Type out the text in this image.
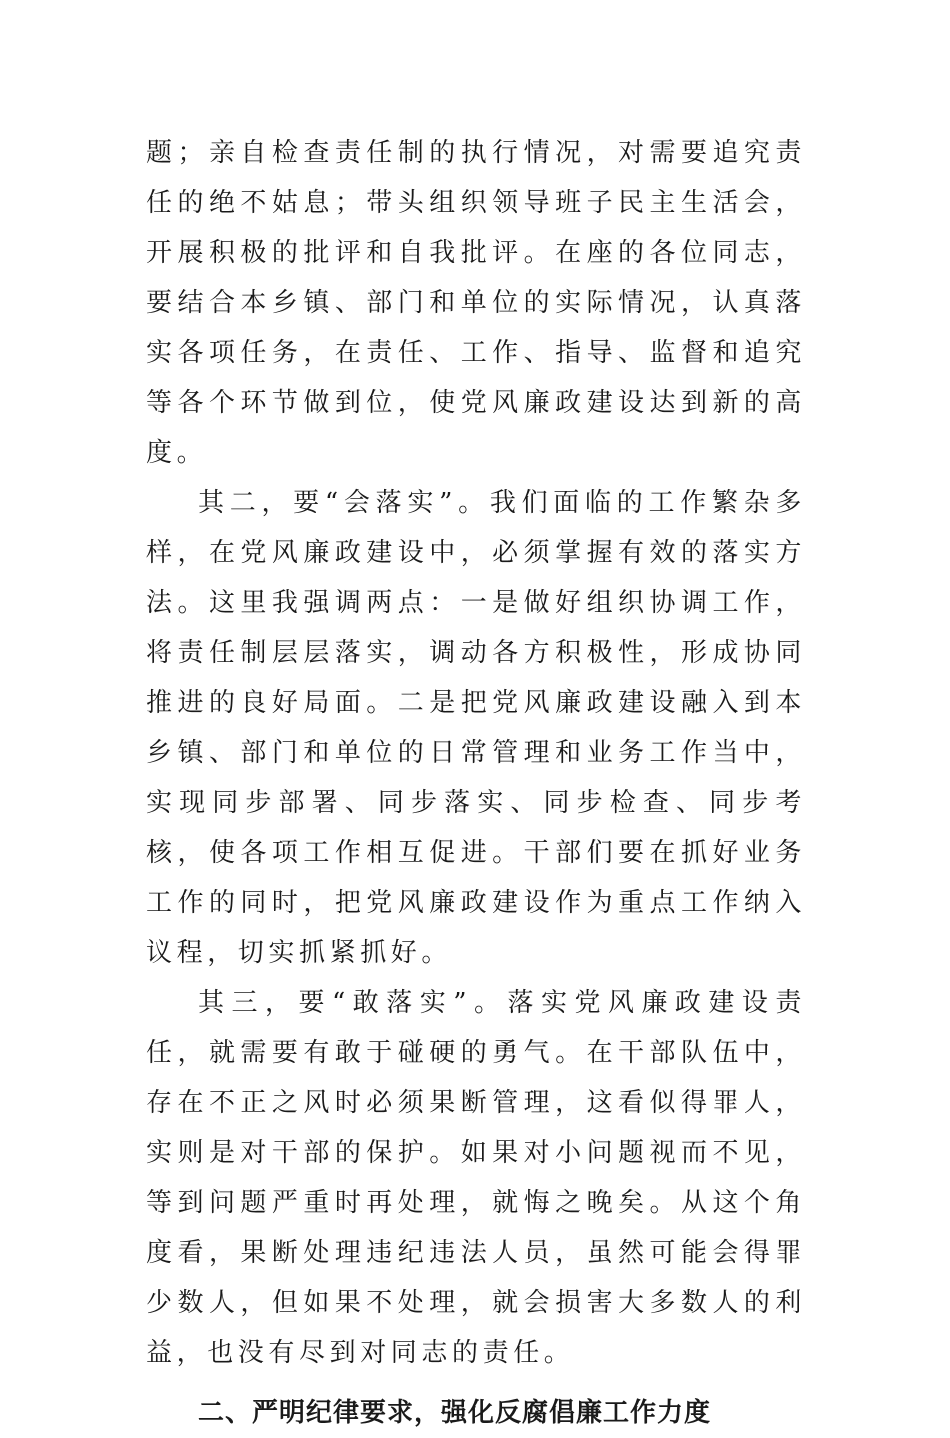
题；亲自检查责任制的执行情况，对需要追究责任的绝不姑息；带头组织领导班子民主生活会，开展积极的批评和自我批评。在座的各位同志，要结合本乡镇、部门和单位的实际情况，认真落实各项任务，在责任、工作、指导、监督和追究等各个环节做到位，使党风廉政建设达到新的高度。

其二，要“会落实”。我们面临的工作繁杂多样，在党风廉政建设中，必须掌握有效的落实方法。这里我强调两点：一是做好组织协调工作，将责任制层层落实，调动各方积极性，形成协同推进的良好局面。二是把党风廉政建设融入到本乡镇、部门和单位的日常管理和业务工作当中，实现同步部署、同步落实、同步检查、同步考核，使各项工作相互促进。干部们要在抓好业务工作的同时，把党风廉政建设作为重点工作纳入议程，切实抓紧抓好。

其三，要“敢落实”。落实党风廉政建设责任，就需要有敢于碰硬的勇气。在干部队伍中，存在不正之风时必须果断管理，这看似得罪人，实则是对干部的保护。如果对小问题视而不见，等到问题严重时再处理，就悔之晚矣。从这个角度看，果断处理违纪违法人员，虽然可能会得罪少数人，但如果不处理，就会损害大多数人的利益，也没有尽到对同志的责任。

二、严明纪律要求，强化反腐倡廉工作力度
